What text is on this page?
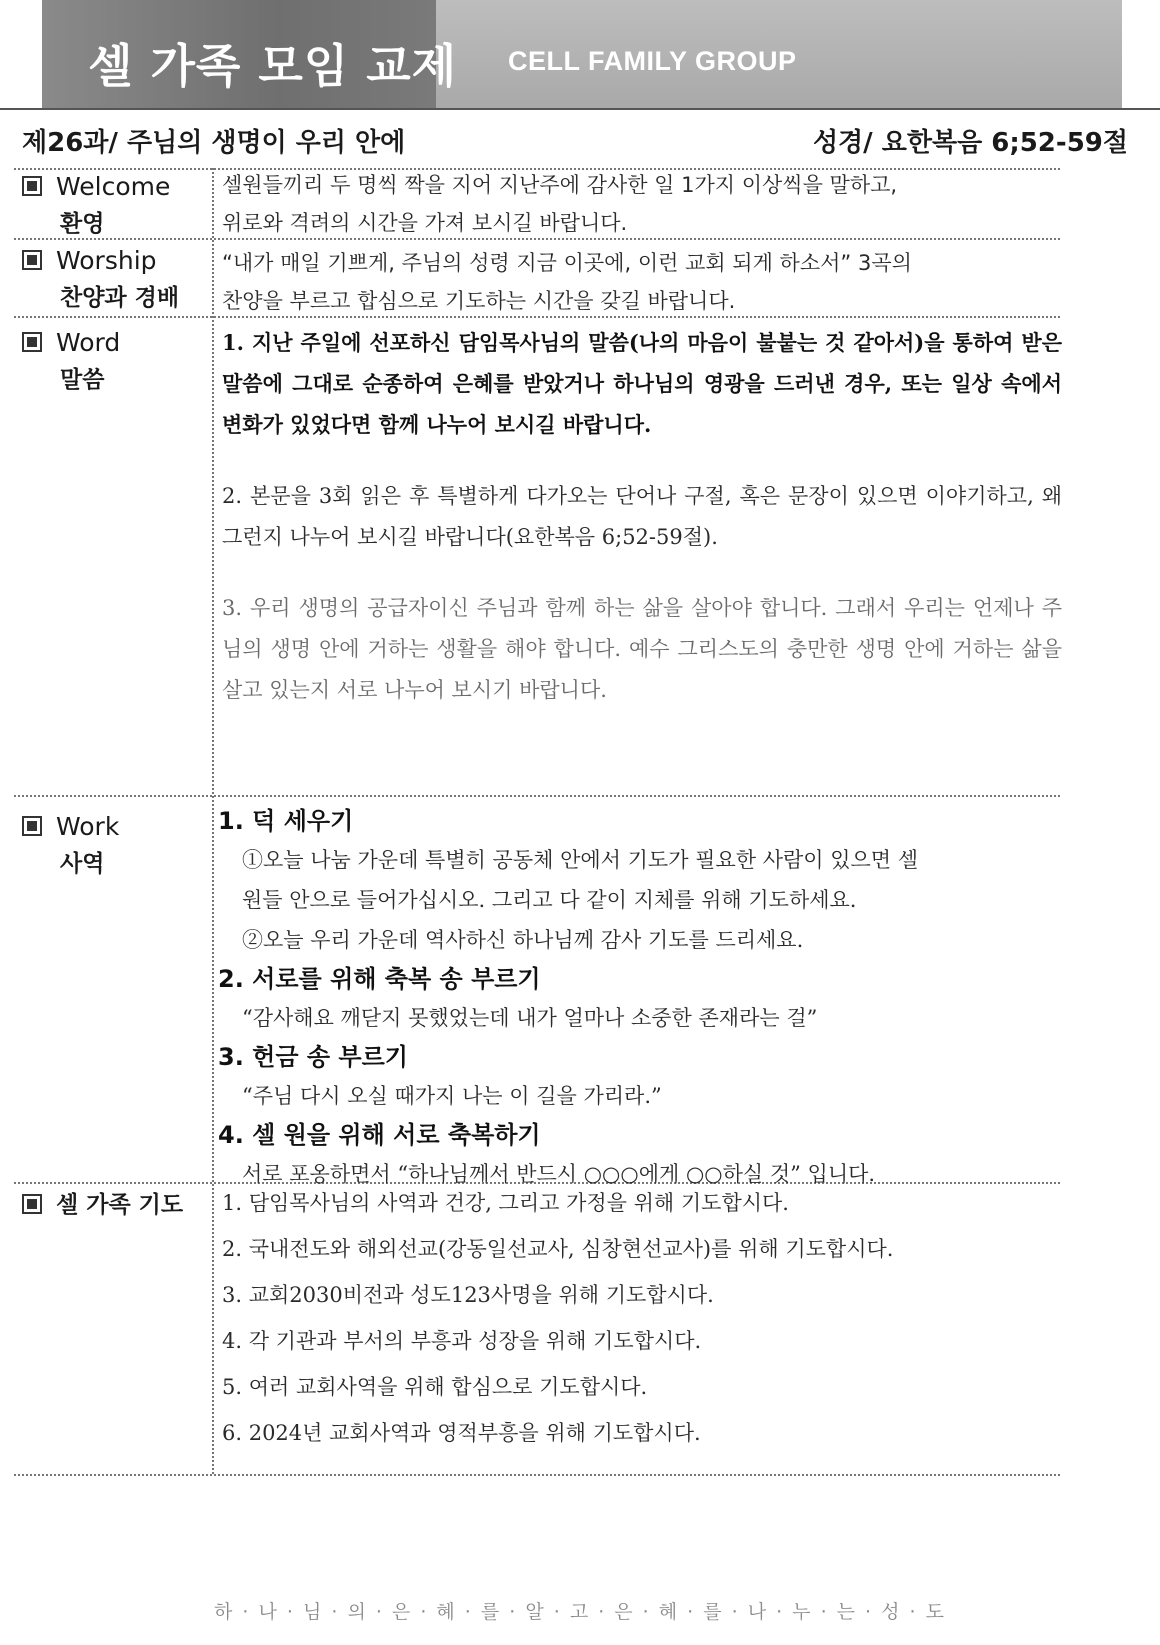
셀 가족 모임 교제 CELL FAMILY GROUP
제26과/ 주님의 생명이 우리 안에	성경/ 요한복음 6;52-59절
Welcome
환영
셀원들끼리 두 명씩 짝을 지어 지난주에 감사한 일 1가지 이상씩을 말하고,
위로와 격려의 시간을 가져 보시길 바랍니다.
Worship
찬양과 경배
“내가 매일 기쁘게, 주님의 성령 지금 이곳에, 이런 교회 되게 하소서” 3곡의
찬양을 부르고 합심으로 기도하는 시간을 갖길 바랍니다.
Word
말씀
1. 지난 주일에 선포하신 담임목사님의 말씀(나의 마음이 불붙는 것 같아서)을 통하여 받은 말씀에 그대로 순종하여 은혜를 받았거나 하나님의 영광을 드러낸 경우, 또는 일상 속에서 변화가 있었다면 함께 나누어 보시길 바랍니다.
2. 본문을 3회 읽은 후 특별하게 다가오는 단어나 구절, 혹은 문장이 있으면 이야기하고, 왜 그런지 나누어 보시길 바랍니다(요한복음 6;52-59절).
3. 우리 생명의 공급자이신 주님과 함께 하는 삶을 살아야 합니다. 그래서 우리는 언제나 주님의 생명 안에 거하는 생활을 해야 합니다. 예수 그리스도의 충만한 생명 안에 거하는 삶을 살고 있는지 서로 나누어 보시기 바랍니다.
Work
사역
1. 덕 세우기
①오늘 나눔 가운데 특별히 공동체 안에서 기도가 필요한 사람이 있으면 셀
원들 안으로 들어가십시오. 그리고 다 같이 지체를 위해 기도하세요.
②오늘 우리 가운데 역사하신 하나님께 감사 기도를 드리세요.
2. 서로를 위해 축복 송 부르기
“감사해요 깨닫지 못했었는데 내가 얼마나 소중한 존재라는 걸”
3. 헌금 송 부르기
“주님 다시 오실 때가지 나는 이 길을 가리라.”
4. 셀 원을 위해 서로 축복하기
서로 포옹하면서 “하나님께서 반드시 ○○○에게 ○○하실 것” 입니다.
셀 가족 기도 1. 담임목사님의 사역과 건강, 그리고 가정을 위해 기도합시다.
2. 국내전도와 해외선교(강동일선교사, 심창현선교사)를 위해 기도합시다.
3. 교회2030비전과 성도123사명을 위해 기도합시다.
4. 각 기관과 부서의 부흥과 성장을 위해 기도합시다.
5. 여러 교회사역을 위해 합심으로 기도합시다.
6. 2024년 교회사역과 영적부흥을 위해 기도합시다.
하 · 나 · 님 · 의 · 은 · 혜 · 를 · 알 · 고 · 은 · 혜 · 를 · 나 · 누 · 는 · 성 · 도
